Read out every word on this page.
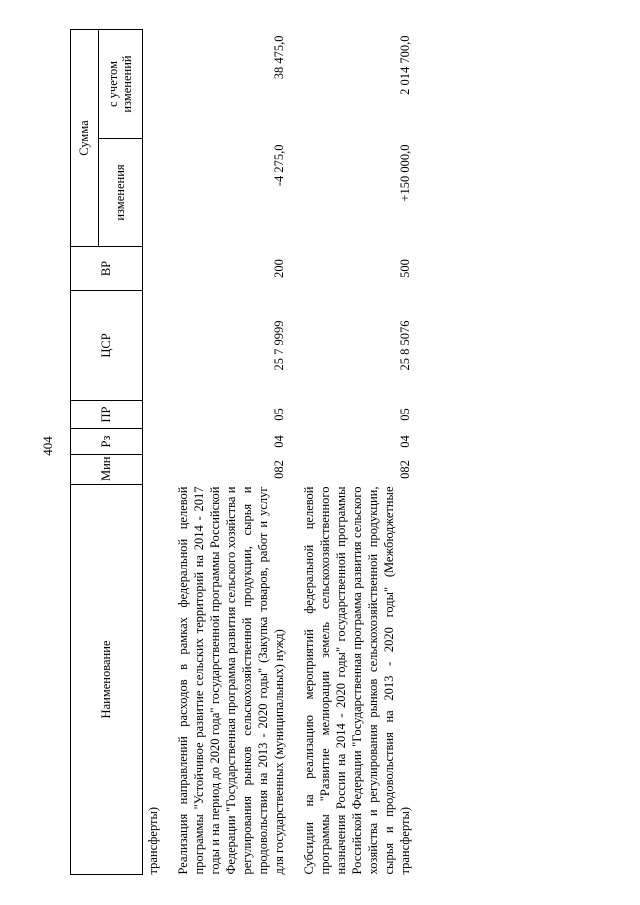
404
Наименование	Мин	Рз	ПР	ЦСР	ВР	Сумма	
						изменения	с учетом изменений
трансферты)							

Реализация направлений расходов в рамках федеральной целевой программы "Устойчивое развитие сельских территорий на 2014 - 2017 годы и на период до 2020 года" государственной программы Российской Федерации "Государственная программа развития сельского хозяйства и регулирования рынков сельскохозяйственной продукции, сырья и продовольствия на 2013 - 2020 годы" (Закупка товаров, работ и услуг для государственных (муниципальных) нужд)	082	04	05	25 7 9999	200	-4 275,0	38 475,0

Субсидии на реализацию мероприятий федеральной целевой программы "Развитие мелиорации земель сельскохозяйственного назначения России на 2014 - 2020 годы" государственной программы Российской Федерации "Государственная программа развития сельского хозяйства и регулирования рынков сельскохозяйственной продукции, сырья и продовольствия на 2013 - 2020 годы" (Межбюджетные трансферты)	082	04	05	25 8 5076	500	+150 000,0	2 014 700,0
